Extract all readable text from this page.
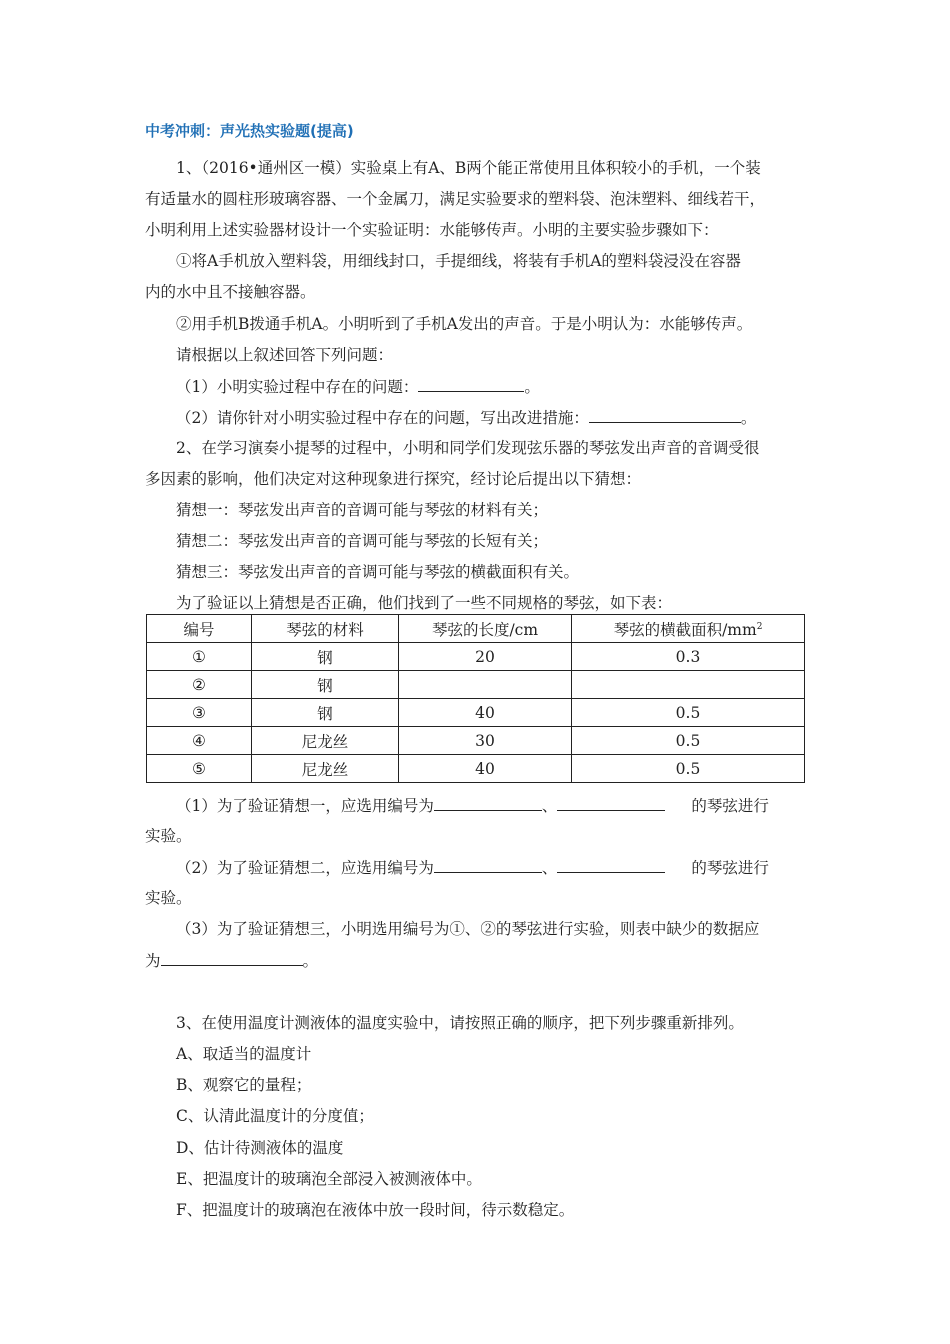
中考冲刺：声光热实验题(提高)
1、（2016•通州区一模）实验桌上有A、B两个能正常使用且体积较小的手机，一个装
有适量水的圆柱形玻璃容器、一个金属刀，满足实验要求的塑料袋、泡沫塑料、细线若干，
小明利用上述实验器材设计一个实验证明：水能够传声。小明的主要实验步骤如下：
①将A手机放入塑料袋，用细线封口，手提细线，将装有手机A的塑料袋浸没在容器
内的水中且不接触容器。
②用手机B拨通手机A。小明听到了手机A发出的声音。于是小明认为：水能够传声。
请根据以上叙述回答下列问题：
（1）小明实验过程中存在的问题：	。
（2）请你针对小明实验过程中存在的问题，写出改进措施：	。
2、在学习演奏小提琴的过程中，小明和同学们发现弦乐器的琴弦发出声音的音调受很
多因素的影响，他们决定对这种现象进行探究，经讨论后提出以下猜想：
猜想一：琴弦发出声音的音调可能与琴弦的材料有关；
猜想二：琴弦发出声音的音调可能与琴弦的长短有关；
猜想三：琴弦发出声音的音调可能与琴弦的横截面积有关。
为了验证以上猜想是否正确，他们找到了一些不同规格的琴弦，如下表：
编号	琴弦的材料	琴弦的长度/cm	琴弦的横截面积$/mm^2$
①	钢	20	0.3
②	钢		
③	钢	40	0.5
④	尼龙丝	30	0.5
⑤	尼龙丝	40	0.5
（1）为了验证猜想一，应选用编号为	、	的琴弦进行
实验。
（2）为了验证猜想二，应选用编号为	、	的琴弦进行
实验。
（3）为了验证猜想三，小明选用编号为①、②的琴弦进行实验，则表中缺少的数据应
为	。
3、在使用温度计测液体的温度实验中，请按照正确的顺序，把下列步骤重新排列。
A、取适当的温度计
B、观察它的量程；
C、认清此温度计的分度值；
D、估计待测液体的温度
E、把温度计的玻璃泡全部浸入被测液体中。
F、把温度计的玻璃泡在液体中放一段时间，待示数稳定。
